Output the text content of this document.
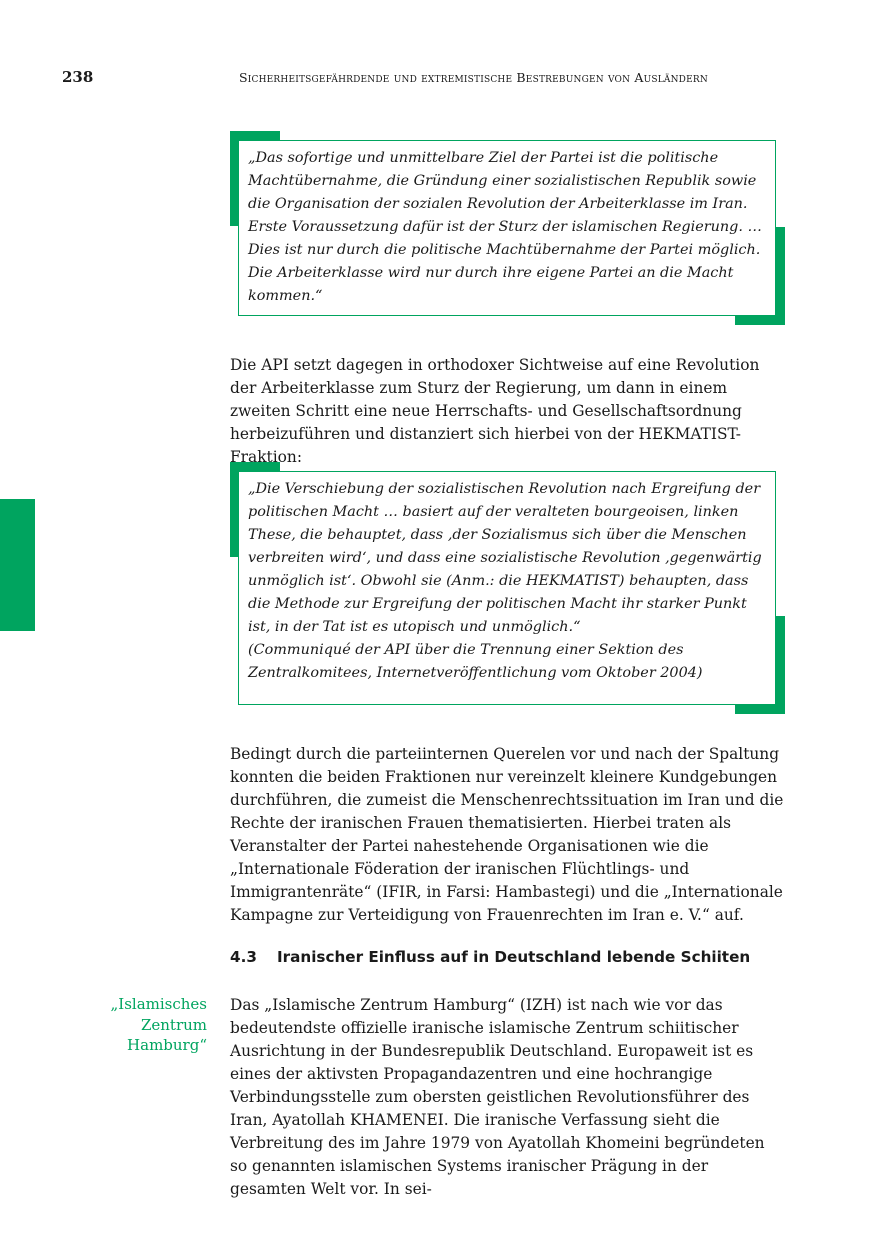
238	Sicherheitsgefährdende und extremistische Bestrebungen von Ausländern

„Das sofortige und unmittelbare Ziel der Partei ist die politische Machtübernahme, die Gründung einer sozialistischen Republik sowie die Organisation der sozialen Revolution der Arbeiterklasse im Iran. Erste Voraussetzung dafür ist der Sturz der islamischen Regierung. … Dies ist nur durch die politische Machtübernahme der Partei möglich. Die Arbeiterklasse wird nur durch ihre eigene Partei an die Macht kommen.“

Die API setzt dagegen in orthodoxer Sichtweise auf eine Revolution der Arbeiterklasse zum Sturz der Regierung, um dann in einem zweiten Schritt eine neue Herrschafts- und Gesellschaftsordnung herbeizuführen und distanziert sich hierbei von der HEKMATIST-Fraktion:

„Die Verschiebung der sozialistischen Revolution nach Ergreifung der politischen Macht … basiert auf der veralteten bourgeoisen, linken These, die behauptet, dass ‚der Sozialismus sich über die Menschen verbreiten wird‘, und dass eine sozialistische Revolution ‚gegenwärtig unmöglich ist‘. Obwohl sie (Anm.: die HEKMATIST) behaupten, dass die Methode zur Ergreifung der politischen Macht ihr starker Punkt ist, in der Tat ist es utopisch und unmöglich.“

(Communiqué der API über die Trennung einer Sektion des Zentralkomitees, Internetveröffentlichung vom Oktober 2004)

Bedingt durch die parteiinternen Querelen vor und nach der Spaltung konnten die beiden Fraktionen nur vereinzelt kleinere Kundgebungen durchführen, die zumeist die Menschenrechtssituation im Iran und die Rechte der iranischen Frauen thematisierten. Hierbei traten als Veranstalter der Partei nahestehende Organisationen wie die „Internationale Föderation der iranischen Flüchtlings- und Immigrantenräte“ (IFIR, in Farsi: Hambastegi) und die „Internationale Kampagne zur Verteidigung von Frauenrechten im Iran e. V.“ auf.

4.3 Iranischer Einfluss auf in Deutschland lebende Schiiten
„Islamisches Zentrum Hamburg“

Das „Islamische Zentrum Hamburg“ (IZH) ist nach wie vor das bedeutendste offizielle iranische islamische Zentrum schiitischer Ausrichtung in der Bundesrepublik Deutschland. Europaweit ist es eines der aktivsten Propagandazentren und eine hochrangige Verbindungsstelle zum obersten geistlichen Revolutionsführer des Iran, Ayatollah KHAMENEI. Die iranische Verfassung sieht die Verbreitung des im Jahre 1979 von Ayatollah Khomeini begründeten so genannten islamischen Systems iranischer Prägung in der gesamten Welt vor. In sei-
